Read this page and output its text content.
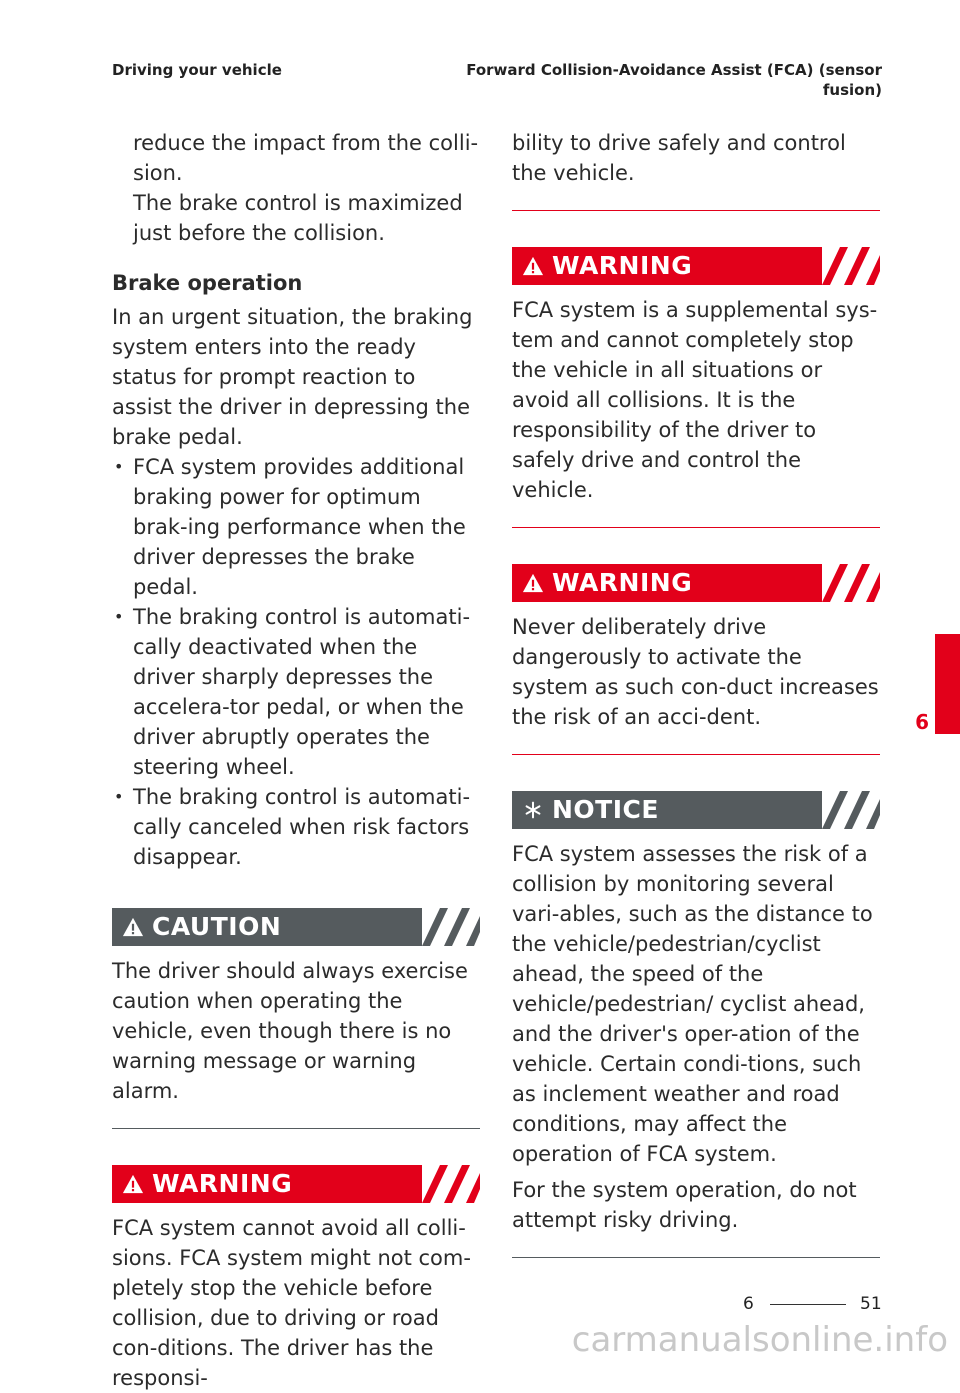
Driving your vehicle	Forward Collision-Avoidance Assist (FCA) (sensor
fusion)

reduce the impact from the colli-

sion.

The brake control is maximized

just before the collision.

Brake operation

In an urgent situation, the braking system enters into the ready status for prompt reaction to assist the driver in depressing the brake pedal.

• FCA system provides additional braking power for optimum brak-ing performance when the driver depresses the brake pedal.
• The braking control is automati-cally deactivated when the driver sharply depresses the accelera-tor pedal, or when the driver abruptly operates the steering wheel.
• The braking control is automati-cally canceled when risk factors disappear.
CAUTION

The driver should always exercise caution when operating the vehicle, even though there is no warning message or warning alarm.

WARNING

FCA system cannot avoid all colli-sions. FCA system might not com-pletely stop the vehicle before collision, due to driving or road con-ditions. The driver has the responsi-

bility to drive safely and control the vehicle.

WARNING

FCA system is a supplemental sys-tem and cannot completely stop the vehicle in all situations or avoid all collisions. It is the responsibility of the driver to safely drive and control the vehicle.

WARNING

Never deliberately drive dangerously to activate the system as such con-duct increases the risk of an acci-dent.

NOTICE

FCA system assesses the risk of a collision by monitoring several vari-ables, such as the distance to the vehicle/pedestrian/cyclist ahead, the speed of the vehicle/pedestrian/ cyclist ahead, and the driver's oper-ation of the vehicle. Certain condi-tions, such as inclement weather and road conditions, may affect the operation of FCA system.

For the system operation, do not attempt risky driving.

6
6	51
carmanualsonline.info
